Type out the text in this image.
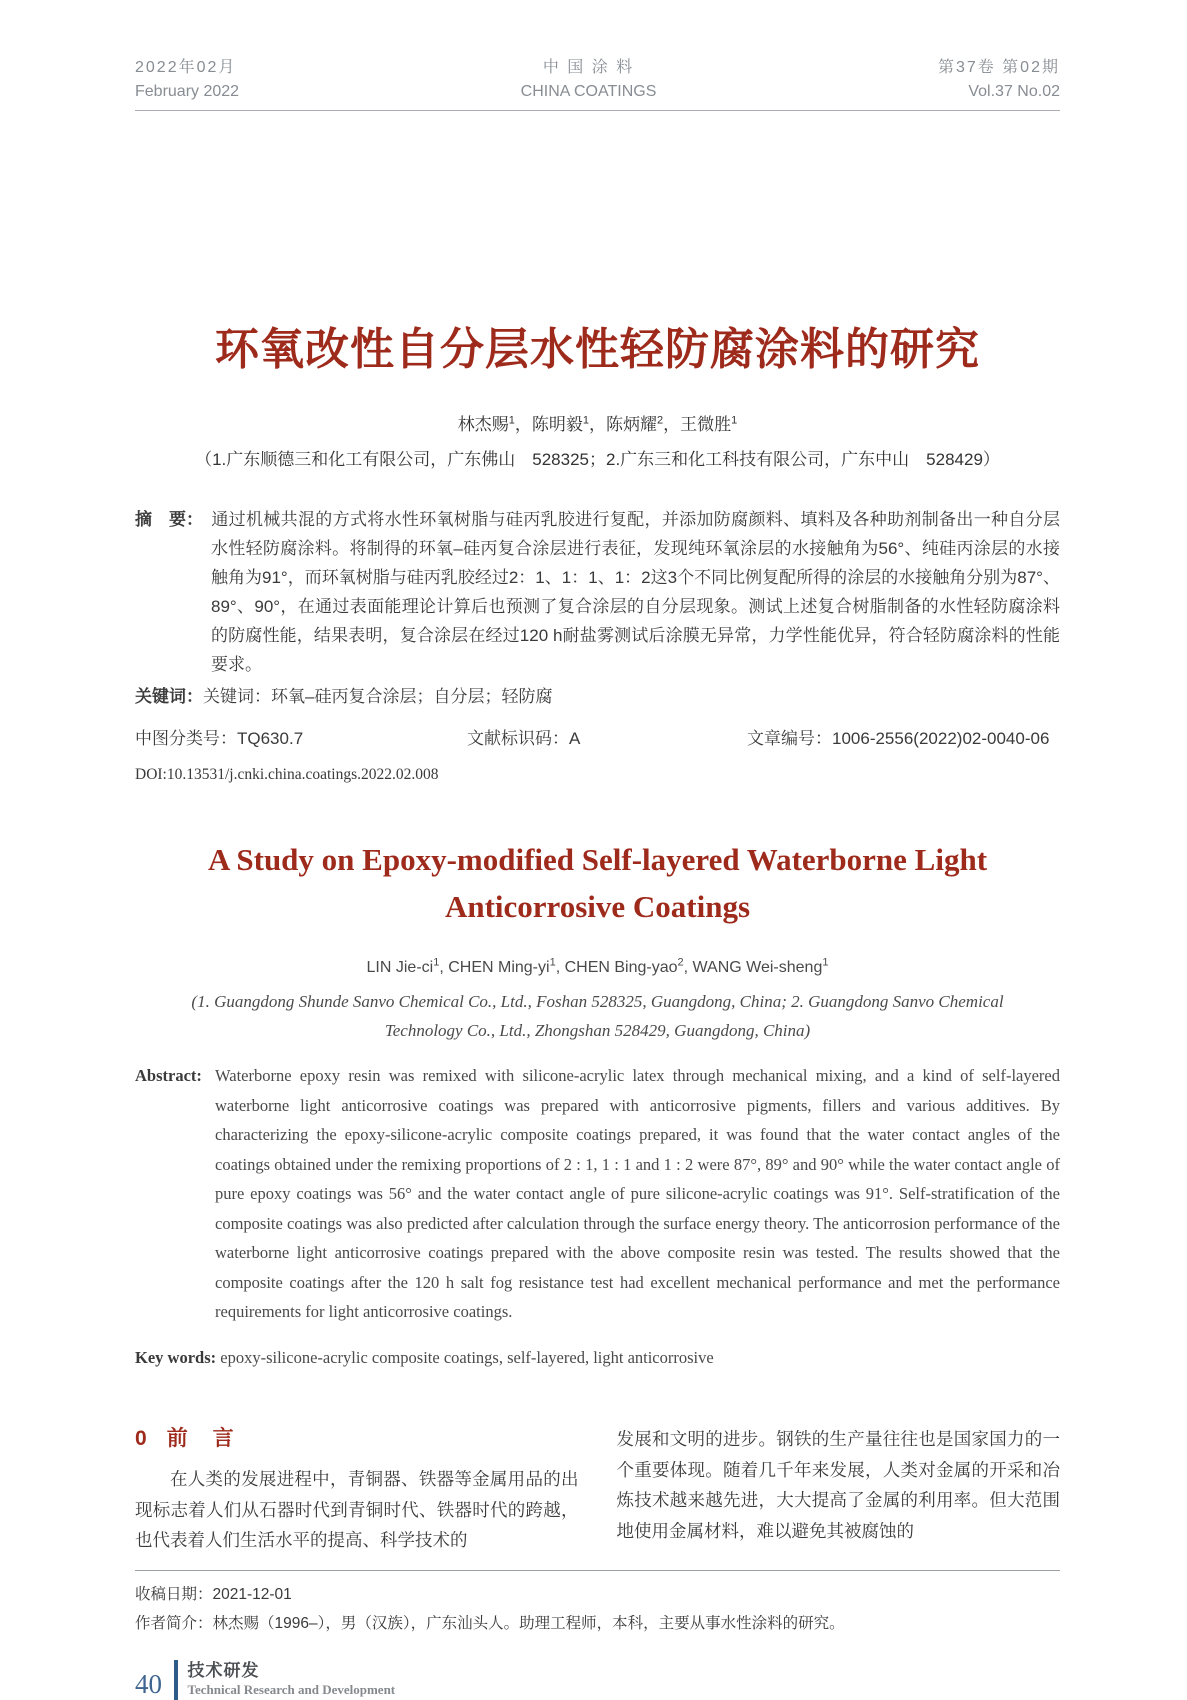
2022年02月
February 2022
中 国 涂 料
CHINA COATINGS
第37卷 第02期
Vol.37 No.02
环氧改性自分层水性轻防腐涂料的研究
林杰赐$^1$，陈明毅$^1$，陈炳耀$^2$，王微胜$^1$
（1.广东顺德三和化工有限公司，广东佛山　528325；2.广东三和化工科技有限公司，广东中山　528429）

摘　要： 通过机械共混的方式将水性环氧树脂与硅丙乳胶进行复配，并添加防腐颜料、填料及各种助剂制备出一种自分层水性轻防腐涂料。将制得的环氧–硅丙复合涂层进行表征，发现纯环氧涂层的水接触角为56°、纯硅丙涂层的水接触角为91°，而环氧树脂与硅丙乳胶经过2：1、1：1、1：2这3个不同比例复配所得的涂层的水接触角分别为87°、89°、90°，在通过表面能理论计算后也预测了复合涂层的自分层现象。测试上述复合树脂制备的水性轻防腐涂料的防腐性能，结果表明，复合涂层在经过120 h耐盐雾测试后涂膜无异常，力学性能优异，符合轻防腐涂料的性能要求。

关键词：关键词：环氧–硅丙复合涂层；自分层；轻防腐

中图分类号：TQ630.7	文献标识码：A	文章编号：1006-2556(2022)02-0040-06
DOI:10.13531/j.cnki.china.coatings.2022.02.008
A Study on Epoxy-modified Self-layered Waterborne Light
Anticorrosive Coatings
LIN Jie-$ci^1$, CHEN Ming-$yi^1$, CHEN Bing-yao$^2$, WANG Wei-sheng$^1$
(1. Guangdong Shunde Sanvo Chemical Co., Ltd., Foshan 528325, Guangdong, China; 2. Guangdong Sanvo Chemical
Technology Co., Ltd., Zhongshan 528429, Guangdong, China)

Abstract: Waterborne epoxy resin was remixed with silicone-acrylic latex through mechanical mixing, and a kind of self-layered waterborne light anticorrosive coatings was prepared with anticorrosive pigments, fillers and various additives. By characterizing the epoxy-silicone-acrylic composite coatings prepared, it was found that the water contact angles of the coatings obtained under the remixing proportions of 2 : 1, 1 : 1 and 1 : 2 were 87°, 89° and 90° while the water contact angle of pure epoxy coatings was 56° and the water contact angle of pure silicone-acrylic coatings was 91°. Self-stratification of the composite coatings was also predicted after calculation through the surface energy theory. The anticorrosion performance of the waterborne light anticorrosive coatings prepared with the above composite resin was tested. The results showed that the composite coatings after the 120 h salt fog resistance test had excellent mechanical performance and met the performance requirements for light anticorrosive coatings.

Key words: epoxy-silicone-acrylic composite coatings, self-layered, light anticorrosive

0 前　言

在人类的发展进程中，青铜器、铁器等金属用品的出现标志着人们从石器时代到青铜时代、铁器时代的跨越，也代表着人们生活水平的提高、科学技术的

发展和文明的进步。钢铁的生产量往往也是国家国力的一个重要体现。随着几千年来发展，人类对金属的开采和冶炼技术越来越先进，大大提高了金属的利用率。但大范围地使用金属材料，难以避免其被腐蚀的

收稿日期：2021-12-01
作者简介：林杰赐（1996–），男（汉族），广东汕头人。助理工程师，本科，主要从事水性涂料的研究。
40 技术研发
Technical Research and Development
